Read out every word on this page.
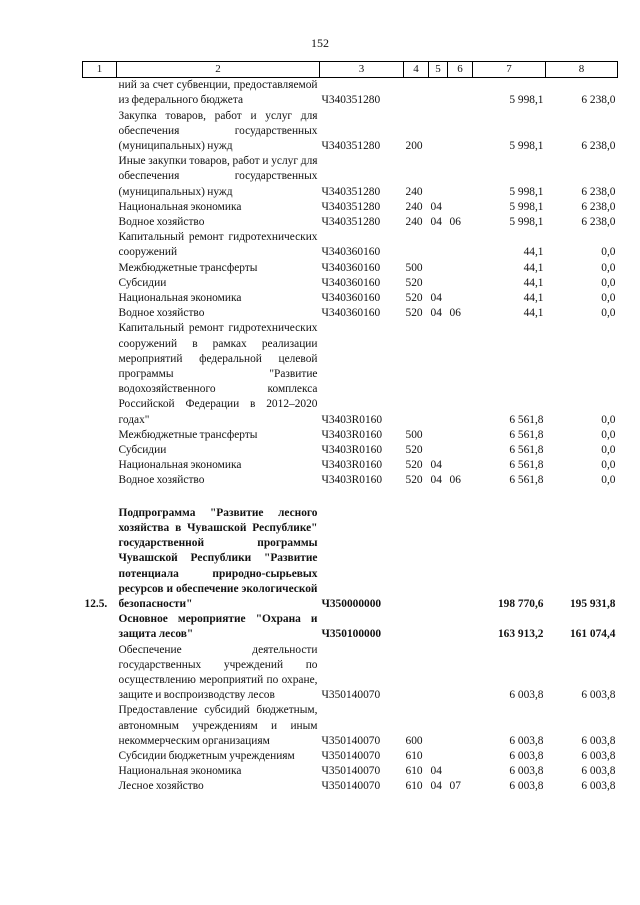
152
1	2	3	4	5	6	7	8
	ний за счет субвенции, предоставляемой из федерального бюджета	Ч340351280				5 998,1	6 238,0
	Закупка товаров, работ и услуг для обеспечения государственных (муниципальных) нужд	Ч340351280	200			5 998,1	6 238,0
	Иные закупки товаров, работ и услуг для обеспечения государственных (муниципальных) нужд	Ч340351280	240			5 998,1	6 238,0
	Национальная экономика	Ч340351280	240	04		5 998,1	6 238,0
	Водное хозяйство	Ч340351280	240	04	06	5 998,1	6 238,0
	Капитальный ремонт гидротехнических сооружений	Ч340360160				44,1	0,0
	Межбюджетные трансферты	Ч340360160	500			44,1	0,0
	Субсидии	Ч340360160	520			44,1	0,0
	Национальная экономика	Ч340360160	520	04		44,1	0,0
	Водное хозяйство	Ч340360160	520	04	06	44,1	0,0
	Капитальный ремонт гидротехнических сооружений в рамках реализации мероприятий федеральной целевой программы "Развитие водохозяйственного комплекса Российской Федерации в 2012–2020 годах"	Ч3403R0160				6 561,8	0,0
	Межбюджетные трансферты	Ч3403R0160	500			6 561,8	0,0
	Субсидии	Ч3403R0160	520			6 561,8	0,0
	Национальная экономика	Ч3403R0160	520	04		6 561,8	0,0
	Водное хозяйство	Ч3403R0160	520	04	06	6 561,8	0,0

12.5.	Подпрограмма "Развитие лесного хозяйства в Чувашской Республике" государственной программы Чувашской Республики "Развитие потенциала природно-сырьевых ресурсов и обеспечение экологической безопасности"	Ч350000000				198 770,6	195 931,8
	Основное мероприятие "Охрана и защита лесов"	Ч350100000				163 913,2	161 074,4
	Обеспечение деятельности государственных учреждений по осуществлению мероприятий по охране, защите и воспроизводству лесов	Ч350140070				6 003,8	6 003,8
	Предоставление субсидий бюджетным, автономным учреждениям и иным некоммерческим организациям	Ч350140070	600			6 003,8	6 003,8
	Субсидии бюджетным учреждениям	Ч350140070	610			6 003,8	6 003,8
	Национальная экономика	Ч350140070	610	04		6 003,8	6 003,8
	Лесное хозяйство	Ч350140070	610	04	07	6 003,8	6 003,8
